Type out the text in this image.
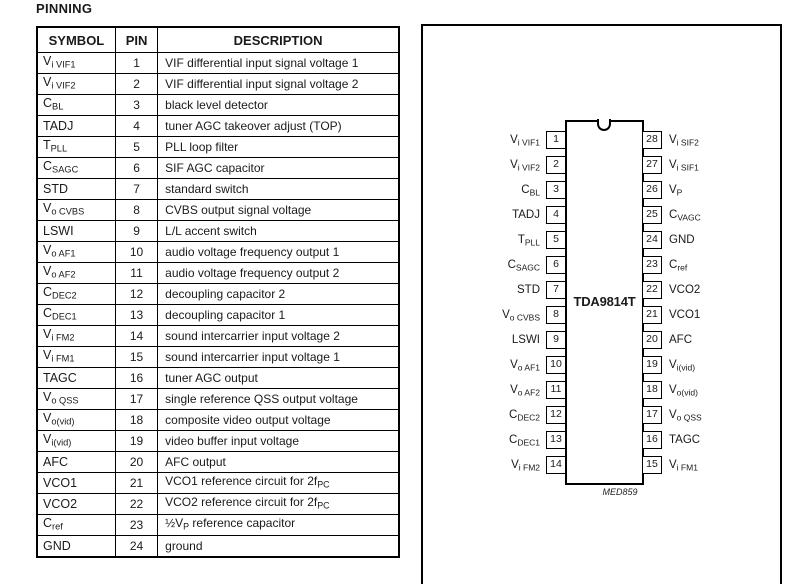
PINNING
SYMBOL	PIN	DESCRIPTION
$V_{i VIF1}$	1	VIF differential input signal voltage 1
$V_{i VIF2}$	2	VIF differential input signal voltage 2
$C_{BL}$	3	black level detector
TADJ	4	tuner AGC takeover adjust (TOP)
$T_{PLL}$	5	PLL loop filter
$C_{SAGC}$	6	SIF AGC capacitor
STD	7	standard switch
$V_{o CVBS}$	8	CVBS output signal voltage
LSWI	9	L/L accent switch
$V_{o AF1}$	10	audio voltage frequency output 1
$V_{o AF2}$	11	audio voltage frequency output 2
$C_{DEC2}$	12	decoupling capacitor 2
$C_{DEC1}$	13	decoupling capacitor 1
$V_{i FM2}$	14	sound intercarrier input voltage 2
$V_{i FM1}$	15	sound intercarrier input voltage 1
TAGC	16	tuner AGC output
$V_{o QSS}$	17	single reference QSS output voltage
$V_{o(vid)}$	18	composite video output voltage
$V_{i(vid)}$	19	video buffer input voltage
AFC	20	AFC output
VCO1	21	VCO1 reference circuit for $2f_{PC}$
VCO2	22	VCO2 reference circuit for $2f_{PC}$
$C_{ref}$	23	$\frac{1}{2}V_P$ reference capacitor
GND	24	ground
TDA9814T
MED859
$V_{i VIF1}$	1
$V_{i VIF2}$	2
$C_{BL}$	3
TADJ	4
$T_{PLL}$	5
$C_{SAGC}$	6
STD	7
$V_{o CVBS}$	8
LSWI	9
$V_{o AF1}$ 10
$V_{o AF2}$	11
$C_{DEC2}$ 12
$C_{DEC1}$ 13
$V_{i FM2}$ 14
28 $V_{i SIF2}$
27 $V_{i SIF1}$
26 $V_P$
25 $C_{VAGC}$
24 GND
23 $C_{ref}$
22 VCO2
21 VCO1
20 AFC
19 $V_{i(vid)}$
18 $V_{o(vid)}$
17 $V_{o QSS}$
16 TAGC
15 $V_{i FM1}$
